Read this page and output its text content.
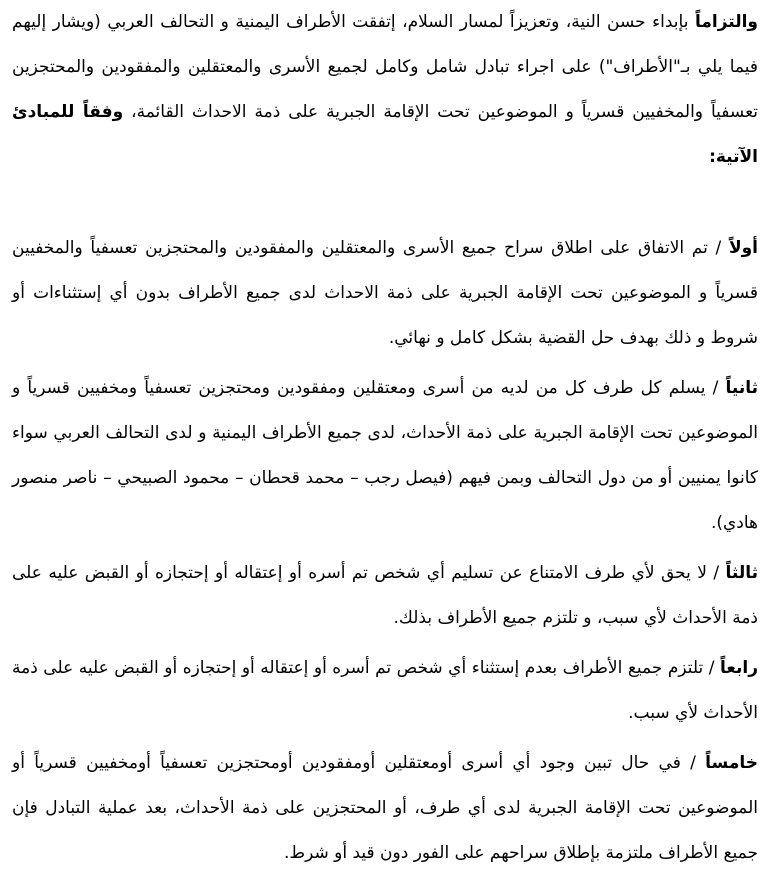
والتزاماً بإبداء حسن النية، وتعزيزاً لمسار السلام، إتفقت الأطراف اليمنية و التحالف العربي (ويشار إليهم فيما يلي بـ"الأطراف") على اجراء تبادل شامل وكامل لجميع الأسرى والمعتقلين والمفقودين والمحتجزين تعسفياً والمخفيين قسرياً و الموضوعين تحت الإقامة الجبرية على ذمة الاحداث القائمة، وفقاً للمبادئ الآتية:

أولاً / تم الاتفاق على اطلاق سراح جميع الأسرى والمعتقلين والمفقودين والمحتجزين تعسفياً والمخفيين قسرياً و الموضوعين تحت الإقامة الجبرية على ذمة الاحداث لدى جميع الأطراف بدون أي إستثناءات أو شروط و ذلك بهدف حل القضية بشكل كامل و نهائي.

ثانياً / يسلم كل طرف كل من لديه من أسرى ومعتقلين ومفقودين ومحتجزين تعسفياً ومخفيين قسرياً و الموضوعين تحت الإقامة الجبرية على ذمة الأحداث، لدى جميع الأطراف اليمنية و لدى التحالف العربي سواء كانوا يمنيين أو من دول التحالف وبمن فيهم (فيصل رجب – محمد قحطان – محمود الصبيحي – ناصر منصور هادي).

ثالثاً / لا يحق لأي طرف الامتناع عن تسليم أي شخص تم أسره أو إعتقاله أو إحتجازه أو القبض عليه على ذمة الأحداث لأي سبب، و تلتزم جميع الأطراف بذلك.

رابعاً / تلتزم جميع الأطراف بعدم إستثناء أي شخص تم أسره أو إعتقاله أو إحتجازه أو القبض عليه على ذمة الأحداث لأي سبب.

خامساً / في حال تبين وجود أي أسرى أومعتقلين أومفقودين أومحتجزين تعسفياً أومخفيين قسرياً أو الموضوعين تحت الإقامة الجبرية لدى أي طرف، أو المحتجزين على ذمة الأحداث، بعد عملية التبادل فإن جميع الأطراف ملتزمة بإطلاق سراحهم على الفور دون قيد أو شرط.
